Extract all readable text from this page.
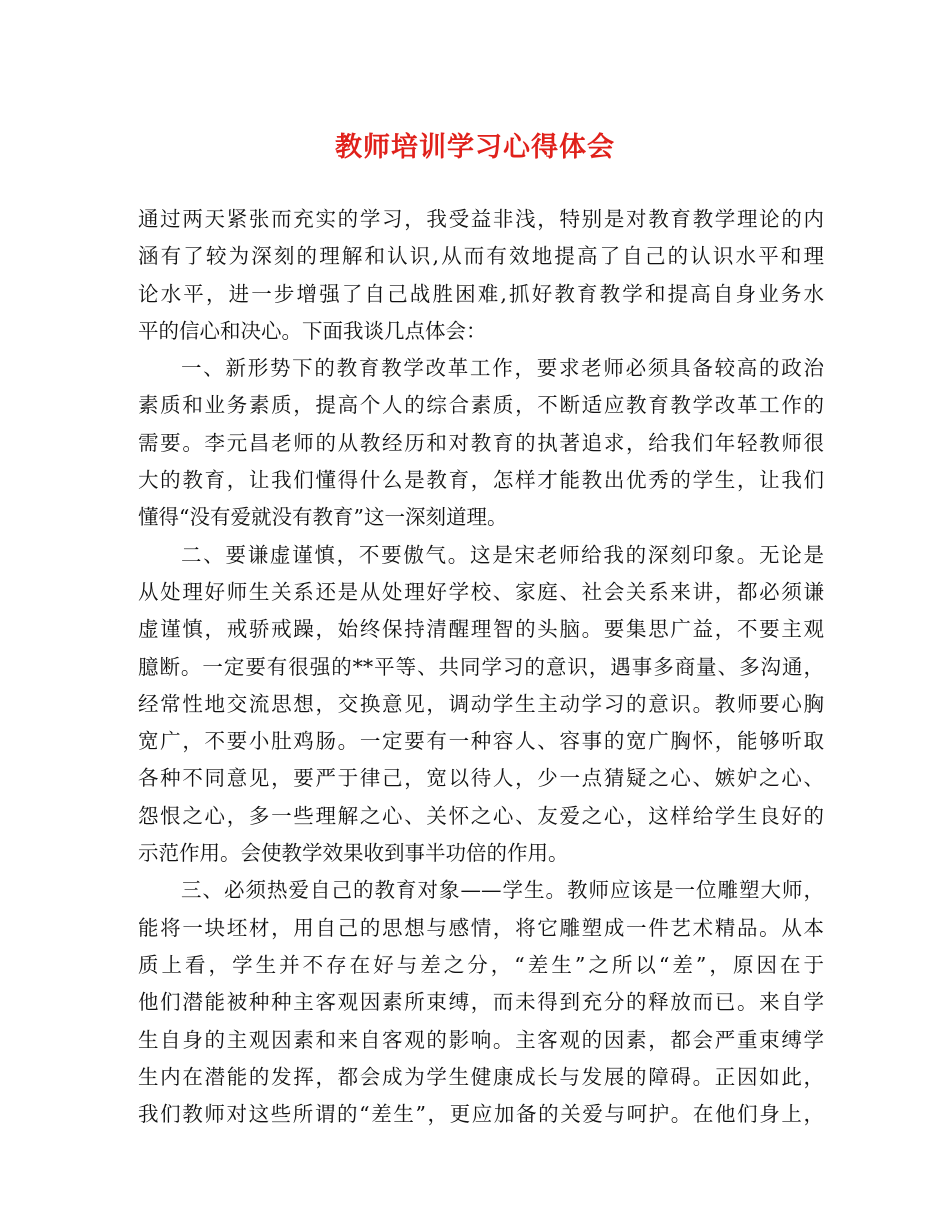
教师培训学习心得体会
通过两天紧张而充实的学习，我受益非浅，特别是对教育教学理论的内
涵有了较为深刻的理解和认识,从而有效地提高了自己的认识水平和理
论水平，进一步增强了自己战胜困难,抓好教育教学和提高自身业务水
平的信心和决心。下面我谈几点体会：
一、新形势下的教育教学改革工作，要求老师必须具备较高的政治
素质和业务素质，提高个人的综合素质，不断适应教育教学改革工作的
需要。李元昌老师的从教经历和对教育的执著追求，给我们年轻教师很
大的教育，让我们懂得什么是教育，怎样才能教出优秀的学生，让我们
懂得“没有爱就没有教育”这一深刻道理。
二、要谦虚谨慎，不要傲气。这是宋老师给我的深刻印象。无论是
从处理好师生关系还是从处理好学校、家庭、社会关系来讲，都必须谦
虚谨慎，戒骄戒躁，始终保持清醒理智的头脑。要集思广益，不要主观
臆断。一定要有很强的**平等、共同学习的意识，遇事多商量、多沟通，
经常性地交流思想，交换意见，调动学生主动学习的意识。教师要心胸
宽广，不要小肚鸡肠。一定要有一种容人、容事的宽广胸怀，能够听取
各种不同意见，要严于律己，宽以待人，少一点猜疑之心、嫉妒之心、
怨恨之心，多一些理解之心、关怀之心、友爱之心，这样给学生良好的
示范作用。会使教学效果收到事半功倍的作用。
三、必须热爱自己的教育对象——学生。教师应该是一位雕塑大师，
能将一块坯材，用自己的思想与感情，将它雕塑成一件艺术精品。从本
质上看，学生并不存在好与差之分，“差生”之所以“差”，原因在于
他们潜能被种种主客观因素所束缚，而未得到充分的释放而已。来自学
生自身的主观因素和来自客观的影响。主客观的因素，都会严重束缚学
生内在潜能的发挥，都会成为学生健康成长与发展的障碍。正因如此，
我们教师对这些所谓的“差生”，更应加备的关爱与呵护。在他们身上，
